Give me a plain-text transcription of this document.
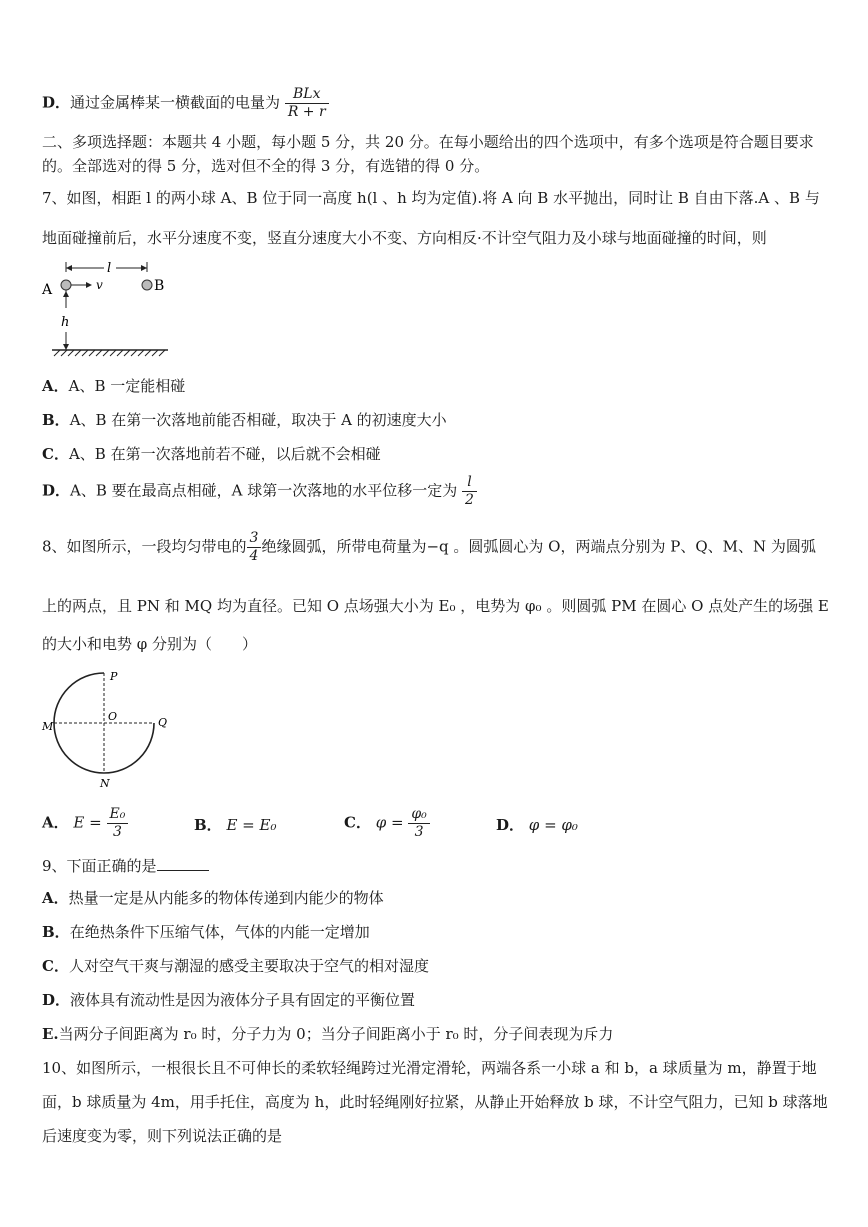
D．通过金属棒某一横截面的电量为 $\frac{\text{BLx}}{R + r}$
二、多项选择题：本题共 4 小题，每小题 5 分，共 20 分。在每小题给出的四个选项中，有多个选项是符合题目要求
的。全部选对的得 5 分，选对但不全的得 3 分，有选错的得 0 分。
7、如图，相距 l 的两小球 A、B 位于同一高度 h(l 、h 均为定值).将 A 向 B 水平抛出，同时让 B 自由下落.A 、B 与
地面碰撞前后，水平分速度不变，竖直分速度大小不变、方向相反·不计空气阻力及小球与地面碰撞的时间，则
l
A	v	B
h
A．A、B 一定能相碰
B．A、B 在第一次落地前能否相碰，取决于 A 的初速度大小
C．A、B 在第一次落地前若不碰，以后就不会相碰
D．A、B 要在最高点相碰，A 球第一次落地的水平位移一定为 $\frac{l}{2}$
8、如图所示，一段均匀带电的 $\frac{3}{4}$ 绝缘圆弧，所带电荷量为−q 。圆弧圆心为 O，两端点分别为 P、Q、M、N 为圆弧
上的两点，且 PN 和 MQ 均为直径。已知 O 点场强大小为 E₀ ，电势为 φ₀ 。则圆弧 PM 在圆心 O 点处产生的场强 E
的大小和电势 φ 分别为（　　）
P
O	Q
M
N
A． $E = \frac{\text{E₀}}{3}$	B． E = E₀	C． $\varphi = \frac{\text{φ₀}}{3}$	D． φ = φ₀
9、下面正确的是
A．热量一定是从内能多的物体传递到内能少的物体
B．在绝热条件下压缩气体，气体的内能一定增加
C．人对空气干爽与潮湿的感受主要取决于空气的相对湿度
D．液体具有流动性是因为液体分子具有固定的平衡位置
E.当两分子间距离为 r₀ 时，分子力为 0；当分子间距离小于 r₀ 时，分子间表现为斥力
10、如图所示，一根很长且不可伸长的柔软轻绳跨过光滑定滑轮，两端各系一小球 a 和 b，a 球质量为 m，静置于地
面，b 球质量为 4m，用手托住，高度为 h，此时轻绳刚好拉紧，从静止开始释放 b 球，不计空气阻力，已知 b 球落地
后速度变为零，则下列说法正确的是
